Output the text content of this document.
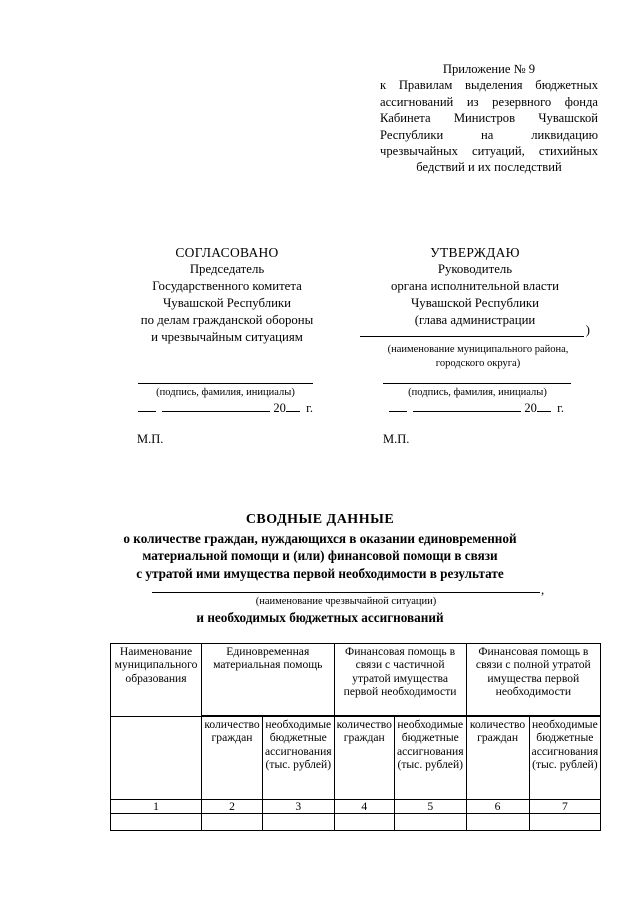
Приложение № 9
к Правилам выделения бюджетных ассигнований из резервного фонда Кабинета Министров Чувашской Республики на ликвидацию чрезвычайных ситуаций, стихийных бедствий и их последствий
СОГЛАСОВАНО
Председатель
Государственного комитета
Чувашской Республики
по делам гражданской обороны
и чрезвычайным ситуациям
УТВЕРЖДАЮ
Руководитель
органа исполнительной власти
Чувашской Республики
(глава администрации
)
(наименование муниципального района,
городского округа)
(подпись, фамилия, инициалы)	(подпись, фамилия, инициалы)
20 г.	20 г.
М.П.	М.П.
СВОДНЫЕ ДАННЫЕ
о количестве граждан, нуждающихся в оказании единовременной
материальной помощи и (или) финансовой помощи в связи
с утратой ими имущества первой необходимости в результате
,
(наименование чрезвычайной ситуации)
и необходимых бюджетных ассигнований
Наименование муниципального образования	Единовременная материальная помощь		Финансовая помощь в связи с частичной утратой имущества первой необходимости		Финансовая помощь в связи с полной утратой имущества первой необходимости	

	количество граждан	необходимые бюджетные ассигнования (тыс. рублей)	количество граждан	необходимые бюджетные ассигнования (тыс. рублей)	количество граждан	необходимые бюджетные ассигнования (тыс. рублей)
1	2	3	4	5	6	7
